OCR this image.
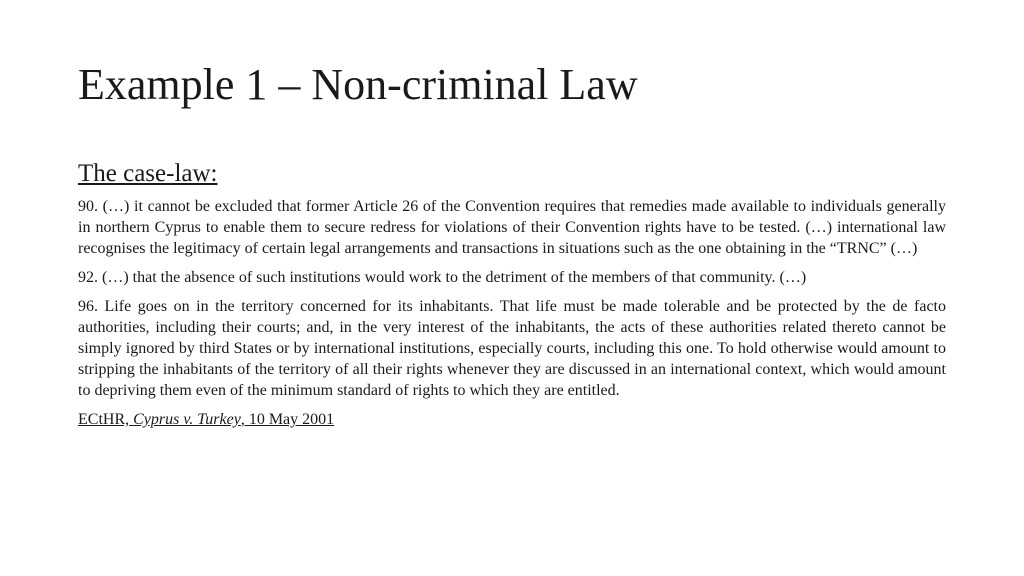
Example 1 – Non-criminal Law
The case-law:

90. (…) it cannot be excluded that former Article 26 of the Convention requires that remedies made available to individuals generally in northern Cyprus to enable them to secure redress for violations of their Convention rights have to be tested. (…) international law recognises the legitimacy of certain legal arrangements and transactions in situations such as the one obtaining in the “TRNC” (…)

92. (…) that the absence of such institutions would work to the detriment of the members of that community. (…)

96. Life goes on in the territory concerned for its inhabitants. That life must be made tolerable and be protected by the de facto authorities, including their courts; and, in the very interest of the inhabitants, the acts of these authorities related thereto cannot be simply ignored by third States or by international institutions, especially courts, including this one. To hold otherwise would amount to stripping the inhabitants of the territory of all their rights whenever they are discussed in an international context, which would amount to depriving them even of the minimum standard of rights to which they are entitled.

ECtHR, Cyprus v. Turkey, 10 May 2001
